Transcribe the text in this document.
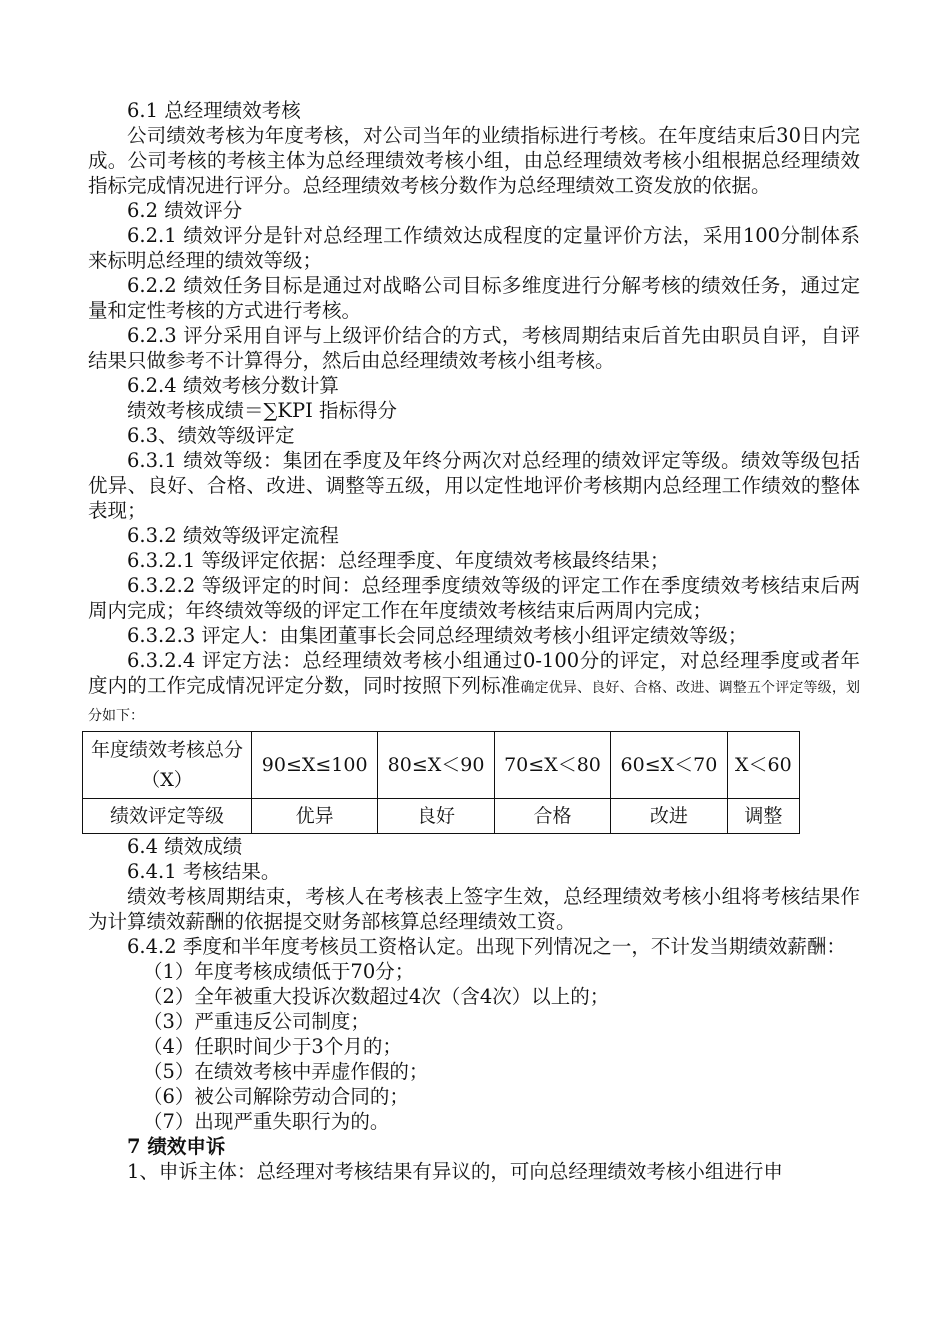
6.1 总经理绩效考核

公司绩效考核为年度考核，对公司当年的业绩指标进行考核。在年度结束后30日内完成。公司考核的考核主体为总经理绩效考核小组，由总经理绩效考核小组根据总经理绩效指标完成情况进行评分。总经理绩效考核分数作为总经理绩效工资发放的依据。

6.2 绩效评分

6.2.1 绩效评分是针对总经理工作绩效达成程度的定量评价方法，采用100分制体系来标明总经理的绩效等级；

6.2.2 绩效任务目标是通过对战略公司目标多维度进行分解考核的绩效任务，通过定量和定性考核的方式进行考核。

6.2.3 评分采用自评与上级评价结合的方式，考核周期结束后首先由职员自评，自评结果只做参考不计算得分，然后由总经理绩效考核小组考核。

6.2.4 绩效考核分数计算

绩效考核成绩＝∑KPI 指标得分

6.3、绩效等级评定

6.3.1 绩效等级：集团在季度及年终分两次对总经理的绩效评定等级。绩效等级包括优异、良好、合格、改进、调整等五级，用以定性地评价考核期内总经理工作绩效的整体表现；

6.3.2 绩效等级评定流程

6.3.2.1 等级评定依据：总经理季度、年度绩效考核最终结果；

6.3.2.2 等级评定的时间：总经理季度绩效等级的评定工作在季度绩效考核结束后两周内完成；年终绩效等级的评定工作在年度绩效考核结束后两周内完成；

6.3.2.3 评定人：由集团董事长会同总经理绩效考核小组评定绩效等级；

6.3.2.4 评定方法：总经理绩效考核小组通过0-100分的评定，对总经理季度或者年度内的工作完成情况评定分数，同时按照下列标准确定优异、良好、合格、改进、调整五个评定等级，划分如下：

年度绩效考核总分（X）	90≤X≤100	80≤X＜90	70≤X＜80	60≤X＜70	X＜60
绩效评定等级	优异	良好	合格	改进	调整

6.4 绩效成绩

6.4.1 考核结果。

绩效考核周期结束，考核人在考核表上签字生效，总经理绩效考核小组将考核结果作为计算绩效薪酬的依据提交财务部核算总经理绩效工资。

6.4.2 季度和半年度考核员工资格认定。出现下列情况之一，不计发当期绩效薪酬：

（1）年度考核成绩低于70分；

（2）全年被重大投诉次数超过4次（含4次）以上的；

（3）严重违反公司制度；

（4）任职时间少于3个月的；

（5）在绩效考核中弄虚作假的；

（6）被公司解除劳动合同的；

（7）出现严重失职行为的。

7 绩效申诉

1、申诉主体：总经理对考核结果有异议的，可向总经理绩效考核小组进行申
